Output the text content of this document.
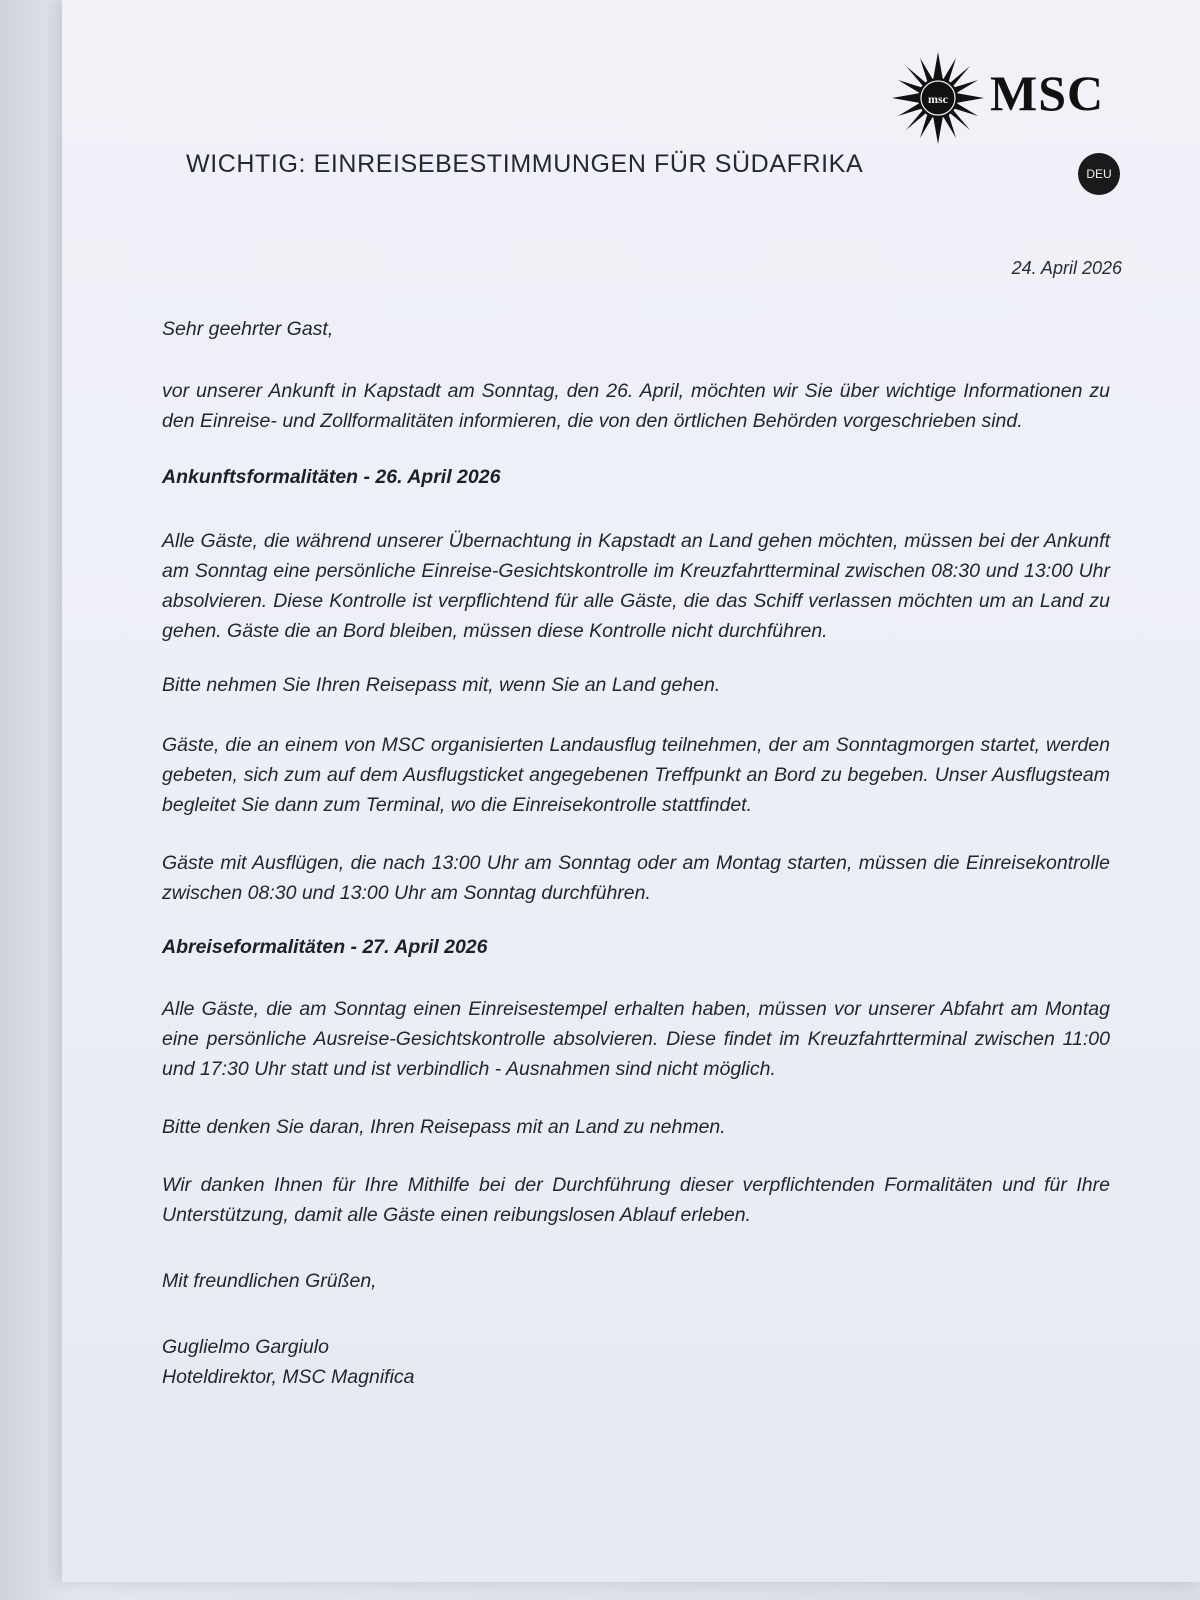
msc MSC
DEU
WICHTIG: EINREISEBESTIMMUNGEN FÜR SÜDAFRIKA
24. April 2026
Sehr geehrter Gast,
vor unserer Ankunft in Kapstadt am Sonntag, den 26. April, möchten wir Sie über wichtige Informationen zu den Einreise- und Zollformalitäten informieren, die von den örtlichen Behörden vorgeschrieben sind.
Ankunftsformalitäten - 26. April 2026
Alle Gäste, die während unserer Übernachtung in Kapstadt an Land gehen möchten, müssen bei der Ankunft am Sonntag eine persönliche Einreise-Gesichtskontrolle im Kreuzfahrtterminal zwischen 08:30 und 13:00 Uhr absolvieren. Diese Kontrolle ist verpflichtend für alle Gäste, die das Schiff verlassen möchten um an Land zu gehen. Gäste die an Bord bleiben, müssen diese Kontrolle nicht durchführen.
Bitte nehmen Sie Ihren Reisepass mit, wenn Sie an Land gehen.
Gäste, die an einem von MSC organisierten Landausflug teilnehmen, der am Sonntagmorgen startet, werden gebeten, sich zum auf dem Ausflugsticket angegebenen Treffpunkt an Bord zu begeben. Unser Ausflugsteam begleitet Sie dann zum Terminal, wo die Einreisekontrolle stattfindet.
Gäste mit Ausflügen, die nach 13:00 Uhr am Sonntag oder am Montag starten, müssen die Einreisekontrolle zwischen 08:30 und 13:00 Uhr am Sonntag durchführen.
Abreiseformalitäten - 27. April 2026
Alle Gäste, die am Sonntag einen Einreisestempel erhalten haben, müssen vor unserer Abfahrt am Montag eine persönliche Ausreise-Gesichtskontrolle absolvieren. Diese findet im Kreuzfahrtterminal zwischen 11:00 und 17:30 Uhr statt und ist verbindlich - Ausnahmen sind nicht möglich.
Bitte denken Sie daran, Ihren Reisepass mit an Land zu nehmen.
Wir danken Ihnen für Ihre Mithilfe bei der Durchführung dieser verpflichtenden Formalitäten und für Ihre Unterstützung, damit alle Gäste einen reibungslosen Ablauf erleben.
Mit freundlichen Grüßen,
Guglielmo Gargiulo
Hoteldirektor, MSC Magnifica
